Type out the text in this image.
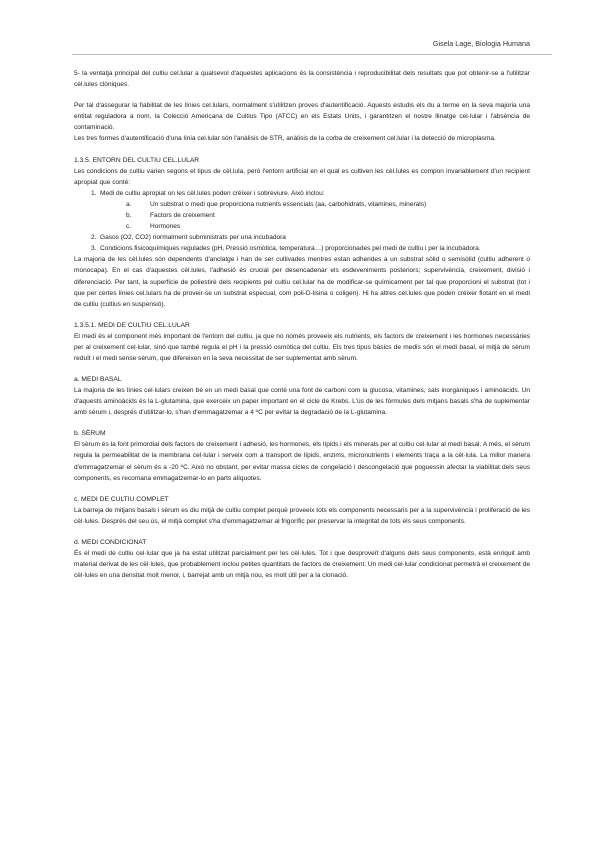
Gisela Lage, Biologia Humana

5- la ventatja principal del cultiu cel.lular a qualsevol d'aquestes aplicacions és la consistència i reproducibilitat dels resultats que pot obtenir-se a l'utilitzar cèl.lules clòniques.

Per tal d'assegurar la fiabilitat de les línies cel.lulars, normalment s'utilitzen proves d'autentificació. Aquests estudis els du a terme en la seva majoria una entitat reguladora a nom, la Colecció Americana de Cultius Tipo (ATCC) en els Estats Units, i garantitzen el nostre llinatge cel·lular i l'absència de contaminació.

Les tres formes d'autentificació d'una línia cel.lular són l'anàlisis de STR, anàlisis de la corba de creixement cel.lular i la detecció de microplasma.

1.3.5. ENTORN DEL CULTIU CEL.LULAR

Les condicions de cultiu varien segons el tipus de cèl.lula, però l'entorn artificial en el qual es cultiven les cèl.lules es compon invariablement d'un recipient apropiat que conté:

1. Medi de cultiu apropiat on les cèl.lules poden créixer i sobreviure. Això inclou:
a.	Un substrat o medi que proporciona nutrients essencials (aa, carbohidrats, vitamines, minerals)
b.	Factors de creixement
c.	Hormones
2. Gasos (O2, CO2) normalment subministrats per una incubadora
3. Condicions fisicoquímiques regulades (pH, Pressió osmòtica, temperatura…) proporcionades pel medi de cultiu i per la incubadora.

La majoria de les cèl.lules són dependents d'anclatge i han de ser cultivades mentres estan adherides a un substrat sòlid o semisòlid (cultiu adherent o monocapa). En el cas d'aquestes cèl.lules, l'adhesió és crucial per desencadenar els esdeveniments posteriors; supervivència, creixement, divisió i diferenciació. Per tant, la superfície de poliestirè dels recipients pel cultiu cel.lular ha de modificar-se químicament per tal que proporcioni el substrat (tot i que per certes línies cel.lulars ha de proveir-se un substrat especual, com poli-D-lisina o coligen). Hi ha altres cèl.lules que poden créixer flotant en el medi de cultiu (cultius en suspensió).

1.3.5.1. MEDI DE CULTIU CEL.LULAR

El medi és el component més important de l'entorn del cultiu, ja que no només proveeix els nutrients, els factors de creixement i les hormones necessàries per al creixement cel·lular, sinó que també regula el pH i la pressió osmòtica del cultiu. Els tres tipus bàsics de medis són el medi basal, el mitjà de sèrum reduït i el medi sense sèrum, que difereixen en la seva necessitat de ser suplementat amb sèrum.

a. MEDI BASAL

La majoria de les línies cel·lulars creixen bé en un medi basal que conté una font de carboni com la glucosa, vitamines, sals inorgàniques i aminoàcids. Un d'aquests aminoàcids és la L-glutamina, que exerceix un paper important en el cicle de Krebs. L'ús de les fórmules dels mitjans basals s'ha de suplementar amb sèrum i, després d'utilitzar-lo, s'han d'emmagatzemar a 4 ºC per evitar la degradació de la L-glutamina.

b. SÈRUM

El sèrum és la font primordial dels factors de creixement i adhesió, les hormones, els lípids i els minerals per al cultiu cel·lular al medi basal. A més, el sèrum regula la permeabilitat de la membrana cel·lular i serveix com a transport de lípids, enzims, micronutrients i elements traça a la cèl·lula. La millor manera d'emmagatzemar el sèrum és a -20 ºC. Això no obstant, per evitar massa cicles de congelació i descongelació que poguessin afectar la viabilitat dels seus components, es recomana emmagatzemar-lo en parts alíquotes.

c. MEDI DE CULTIU COMPLET

La barreja de mitjans basals i sèrum es diu mitjà de cultiu complet perquè proveeix tots els components necessaris per a la supervivència i proliferació de les cèl·lules. Després del seu ús, el mitjà complet s'ha d'emmagatzemar al frigorífic per preservar la integritat de tots els seus components.

d. MEDI CONDICIONAT

És el medi de cultiu cel·lular que ja ha estat utilitzat parcialment per les cèl·lules. Tot i que desproveït d'alguns dels seus components, està enriquit amb material derivat de les cèl·lules, que probablement inclou petites quantitats de factors de creixement. Un medi cel·lular condicionat permetrà el creixement de cèl·lules en una densitat molt menor, i, barrejat amb un mitjà nou, es molt útil per a la clonació.
